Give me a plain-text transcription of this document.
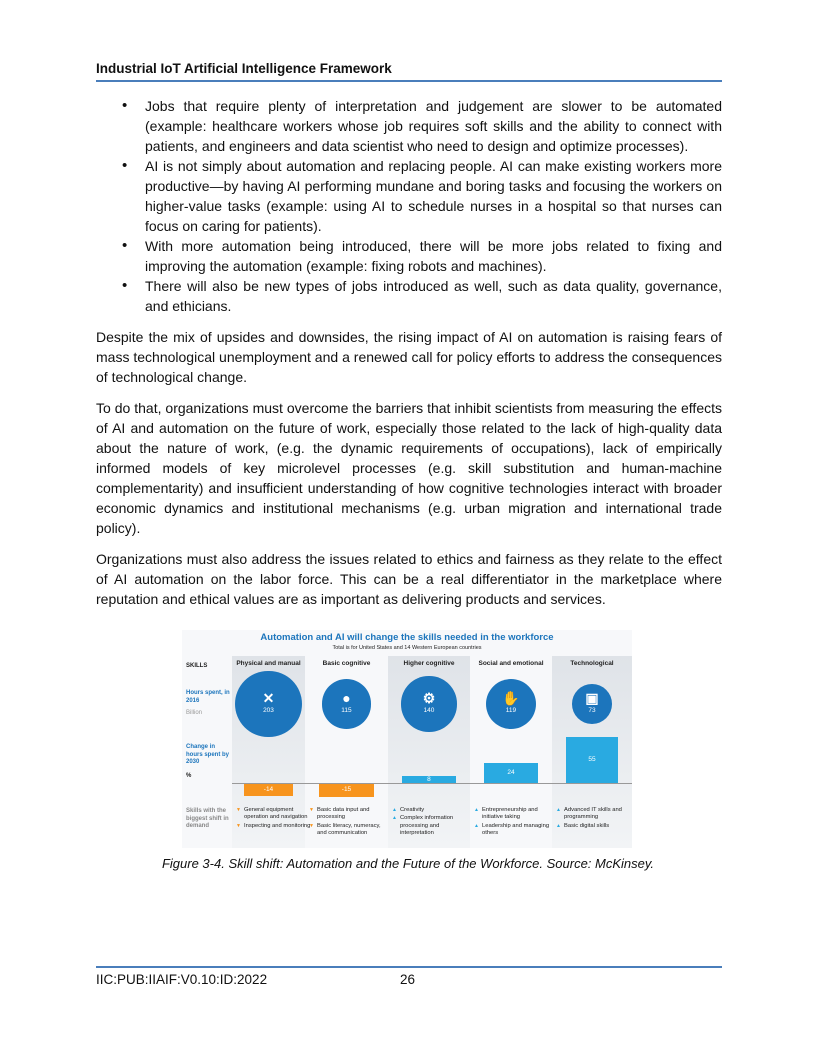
Industrial IoT Artificial Intelligence Framework
• Jobs that require plenty of interpretation and judgement are slower to be automated (example: healthcare workers whose job requires soft skills and the ability to connect with patients, and engineers and data scientist who need to design and optimize processes).
• AI is not simply about automation and replacing people. AI can make existing workers more productive—by having AI performing mundane and boring tasks and focusing the workers on higher-value tasks (example: using AI to schedule nurses in a hospital so that nurses can focus on caring for patients).
• With more automation being introduced, there will be more jobs related to fixing and improving the automation (example: fixing robots and machines).
• There will also be new types of jobs introduced as well, such as data quality, governance, and ethicians.

Despite the mix of upsides and downsides, the rising impact of AI on automation is raising fears of mass technological unemployment and a renewed call for policy efforts to address the consequences of technological change.

To do that, organizations must overcome the barriers that inhibit scientists from measuring the effects of AI and automation on the future of work, especially those related to the lack of high-quality data about the nature of work, (e.g. the dynamic requirements of occupations), lack of empirically informed models of key microlevel processes (e.g. skill substitution and human-machine complementarity) and insufficient understanding of how cognitive technologies interact with broader economic dynamics and institutional mechanisms (e.g. urban migration and international trade policy).

Organizations must also address the issues related to ethics and fairness as they relate to the effect of AI automation on the labor force. This can be a real differentiator in the marketplace where reputation and ethical values are as important as delivering products and services.

Automation and AI will change the skills needed in the workforce
Total is for United States and 14 Western European countries
Technological
▣
73
55
▲ Advanced IT skills and programming
▲ Basic digital skills
Social and emotional
✋
119
24
▲ Entrepreneurship and initiative taking
▲ Leadership and managing others
Higher cognitive
⚙
140
8
▲ Creativity
▲ Complex information processing and interpretation
Basic cognitive
●
115
-15
▼ Basic data input and processing
▼ Basic literacy, numeracy, and communication
Physical and manual
✕
203
-14
▼ General equipment operation and navigation
▼ Inspecting and monitoring
SKILLS
Hours spent, in 2016
Billion
Change in hours spent by 2030
%
Skills with the biggest shift in demand
Figure 3-4. Skill shift: Automation and the Future of the Workforce. Source: McKinsey.
IIC:PUB:IIAIF:V0.10:ID:2022	26
